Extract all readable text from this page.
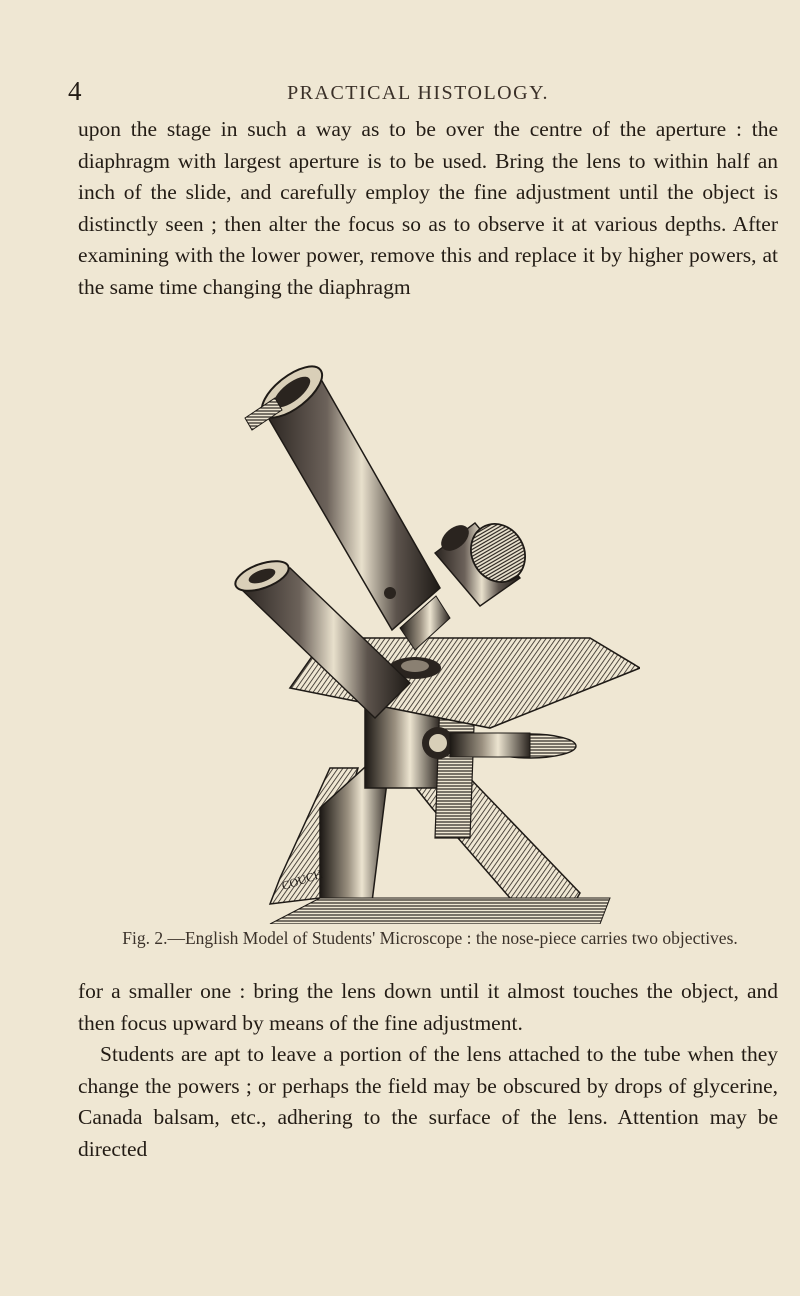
4	PRACTICAL HISTOLOGY.
upon the stage in such a way as to be over the centre of the aperture : the diaphragm with largest aperture is to be used. Bring the lens to within half an inch of the slide, and carefully employ the fine adjustment until the object is distinctly seen ; then alter the focus so as to observe it at various depths. After examining with the lower power, remove this and replace it by higher powers, at the same time changing the diaphragm
COUCH
Fig. 2.—English Model of Students' Microscope : the nose-piece carries two objectives.

for a smaller one : bring the lens down until it almost touches the object, and then focus upward by means of the fine adjustment.

Students are apt to leave a portion of the lens attached to the tube when they change the powers ; or perhaps the field may be obscured by drops of glycerine, Canada balsam, etc., adhering to the surface of the lens. Attention may be directed
